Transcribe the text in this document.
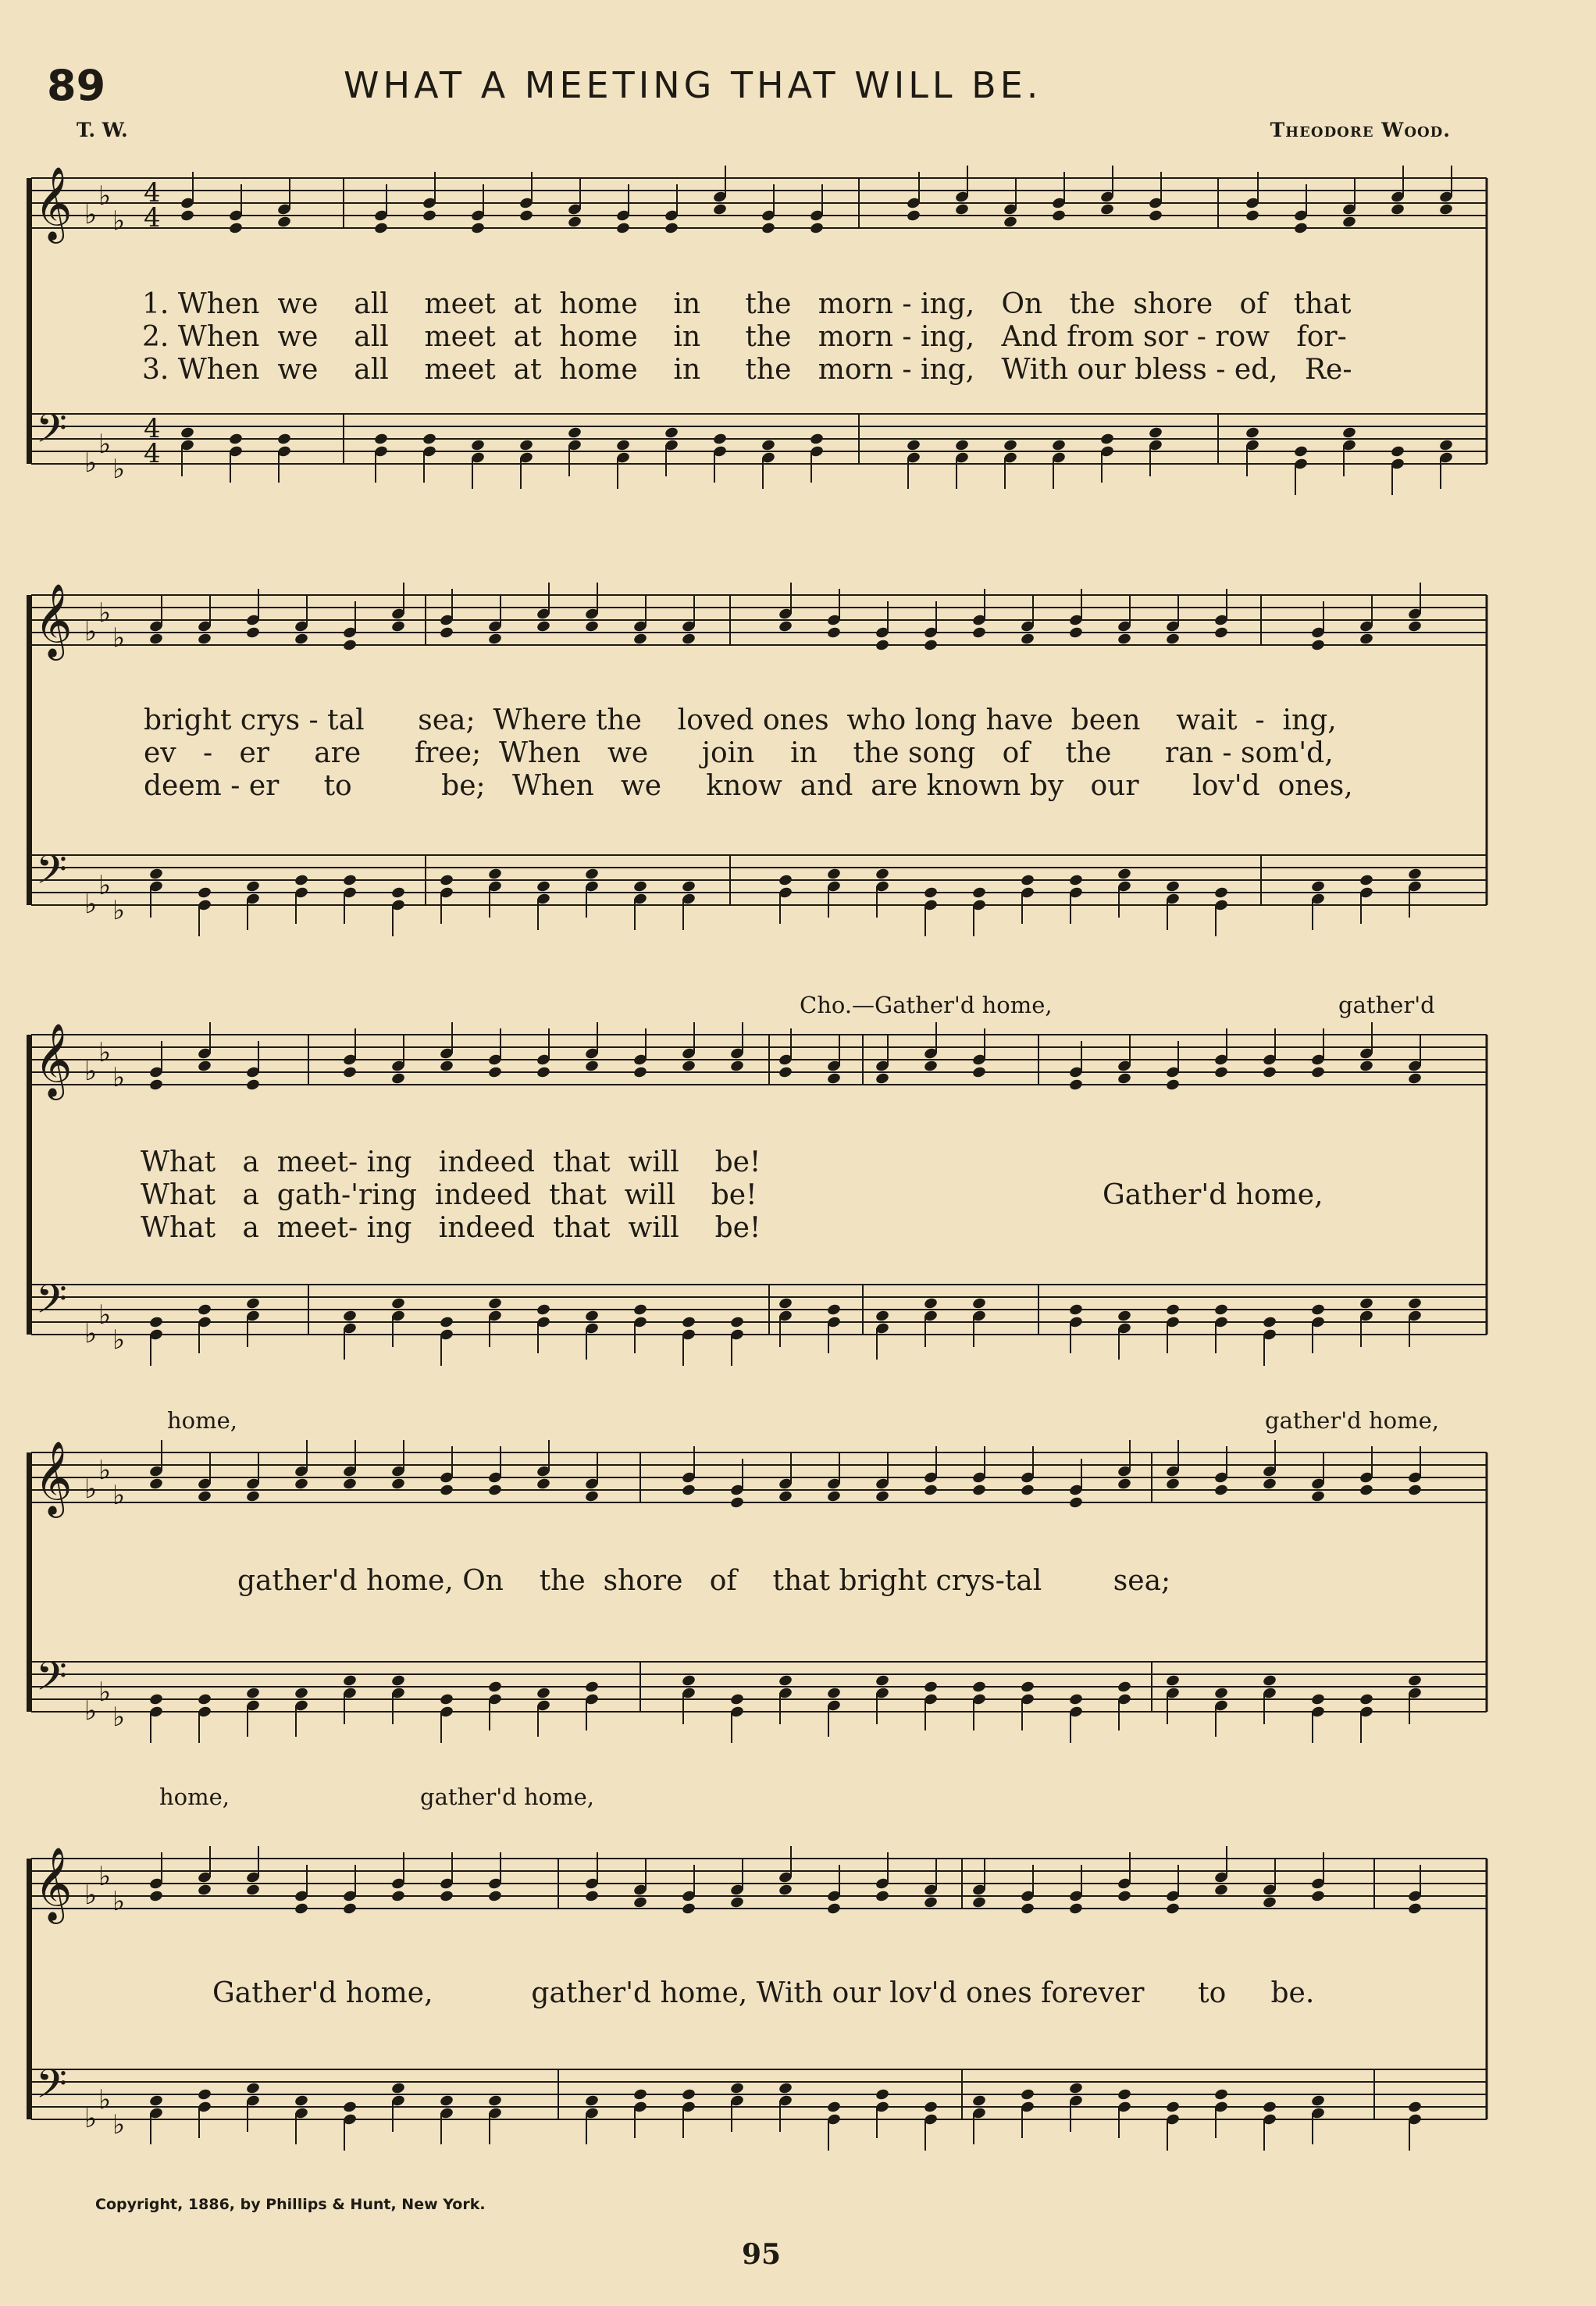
89	WHAT A MEETING THAT WILL BE.
T. W.	Theodore Wood.
𝄞
𝄢
♭
♭
♭
♭
♭
♭
4
4
4
4
𝄞
𝄢
♭
♭
♭
♭
♭
♭
𝄞
𝄢
♭
♭
♭
♭
♭
♭
𝄞
𝄢
♭
♭
♭
♭
♭
♭
𝄞
𝄢
♭
♭
♭
♭
♭
♭
1. When  we    all    meet  at  home    in     the   morn - ing,   On   the  shore   of   that
2. When  we    all    meet  at  home    in     the   morn - ing,   And from sor - row   for-
3. When  we    all    meet  at  home    in     the   morn - ing,   With our bless - ed,   Re-
bright crys - tal      sea;  Where the    loved ones  who long have  been    wait  -  ing,
ev   -   er     are      free;  When   we      join    in    the song   of    the      ran - som'd,
deem - er     to          be;   When   we     know  and  are known by   our      lov'd  ones,
Cho.—Gather'd home,	gather'd
What   a  meet- ing   indeed  that  will    be!
What   a  gath-'ring  indeed  that  will    be!
What   a  meet- ing   indeed  that  will    be!
Gather'd home,
home,	gather'd home,
gather'd home, On    the  shore   of    that bright crys-tal        sea;
home,	gather'd home,
Gather'd home,           gather'd home, With our lov'd ones forever      to     be.
Copyright, 1886, by Phillips & Hunt, New York.
95
